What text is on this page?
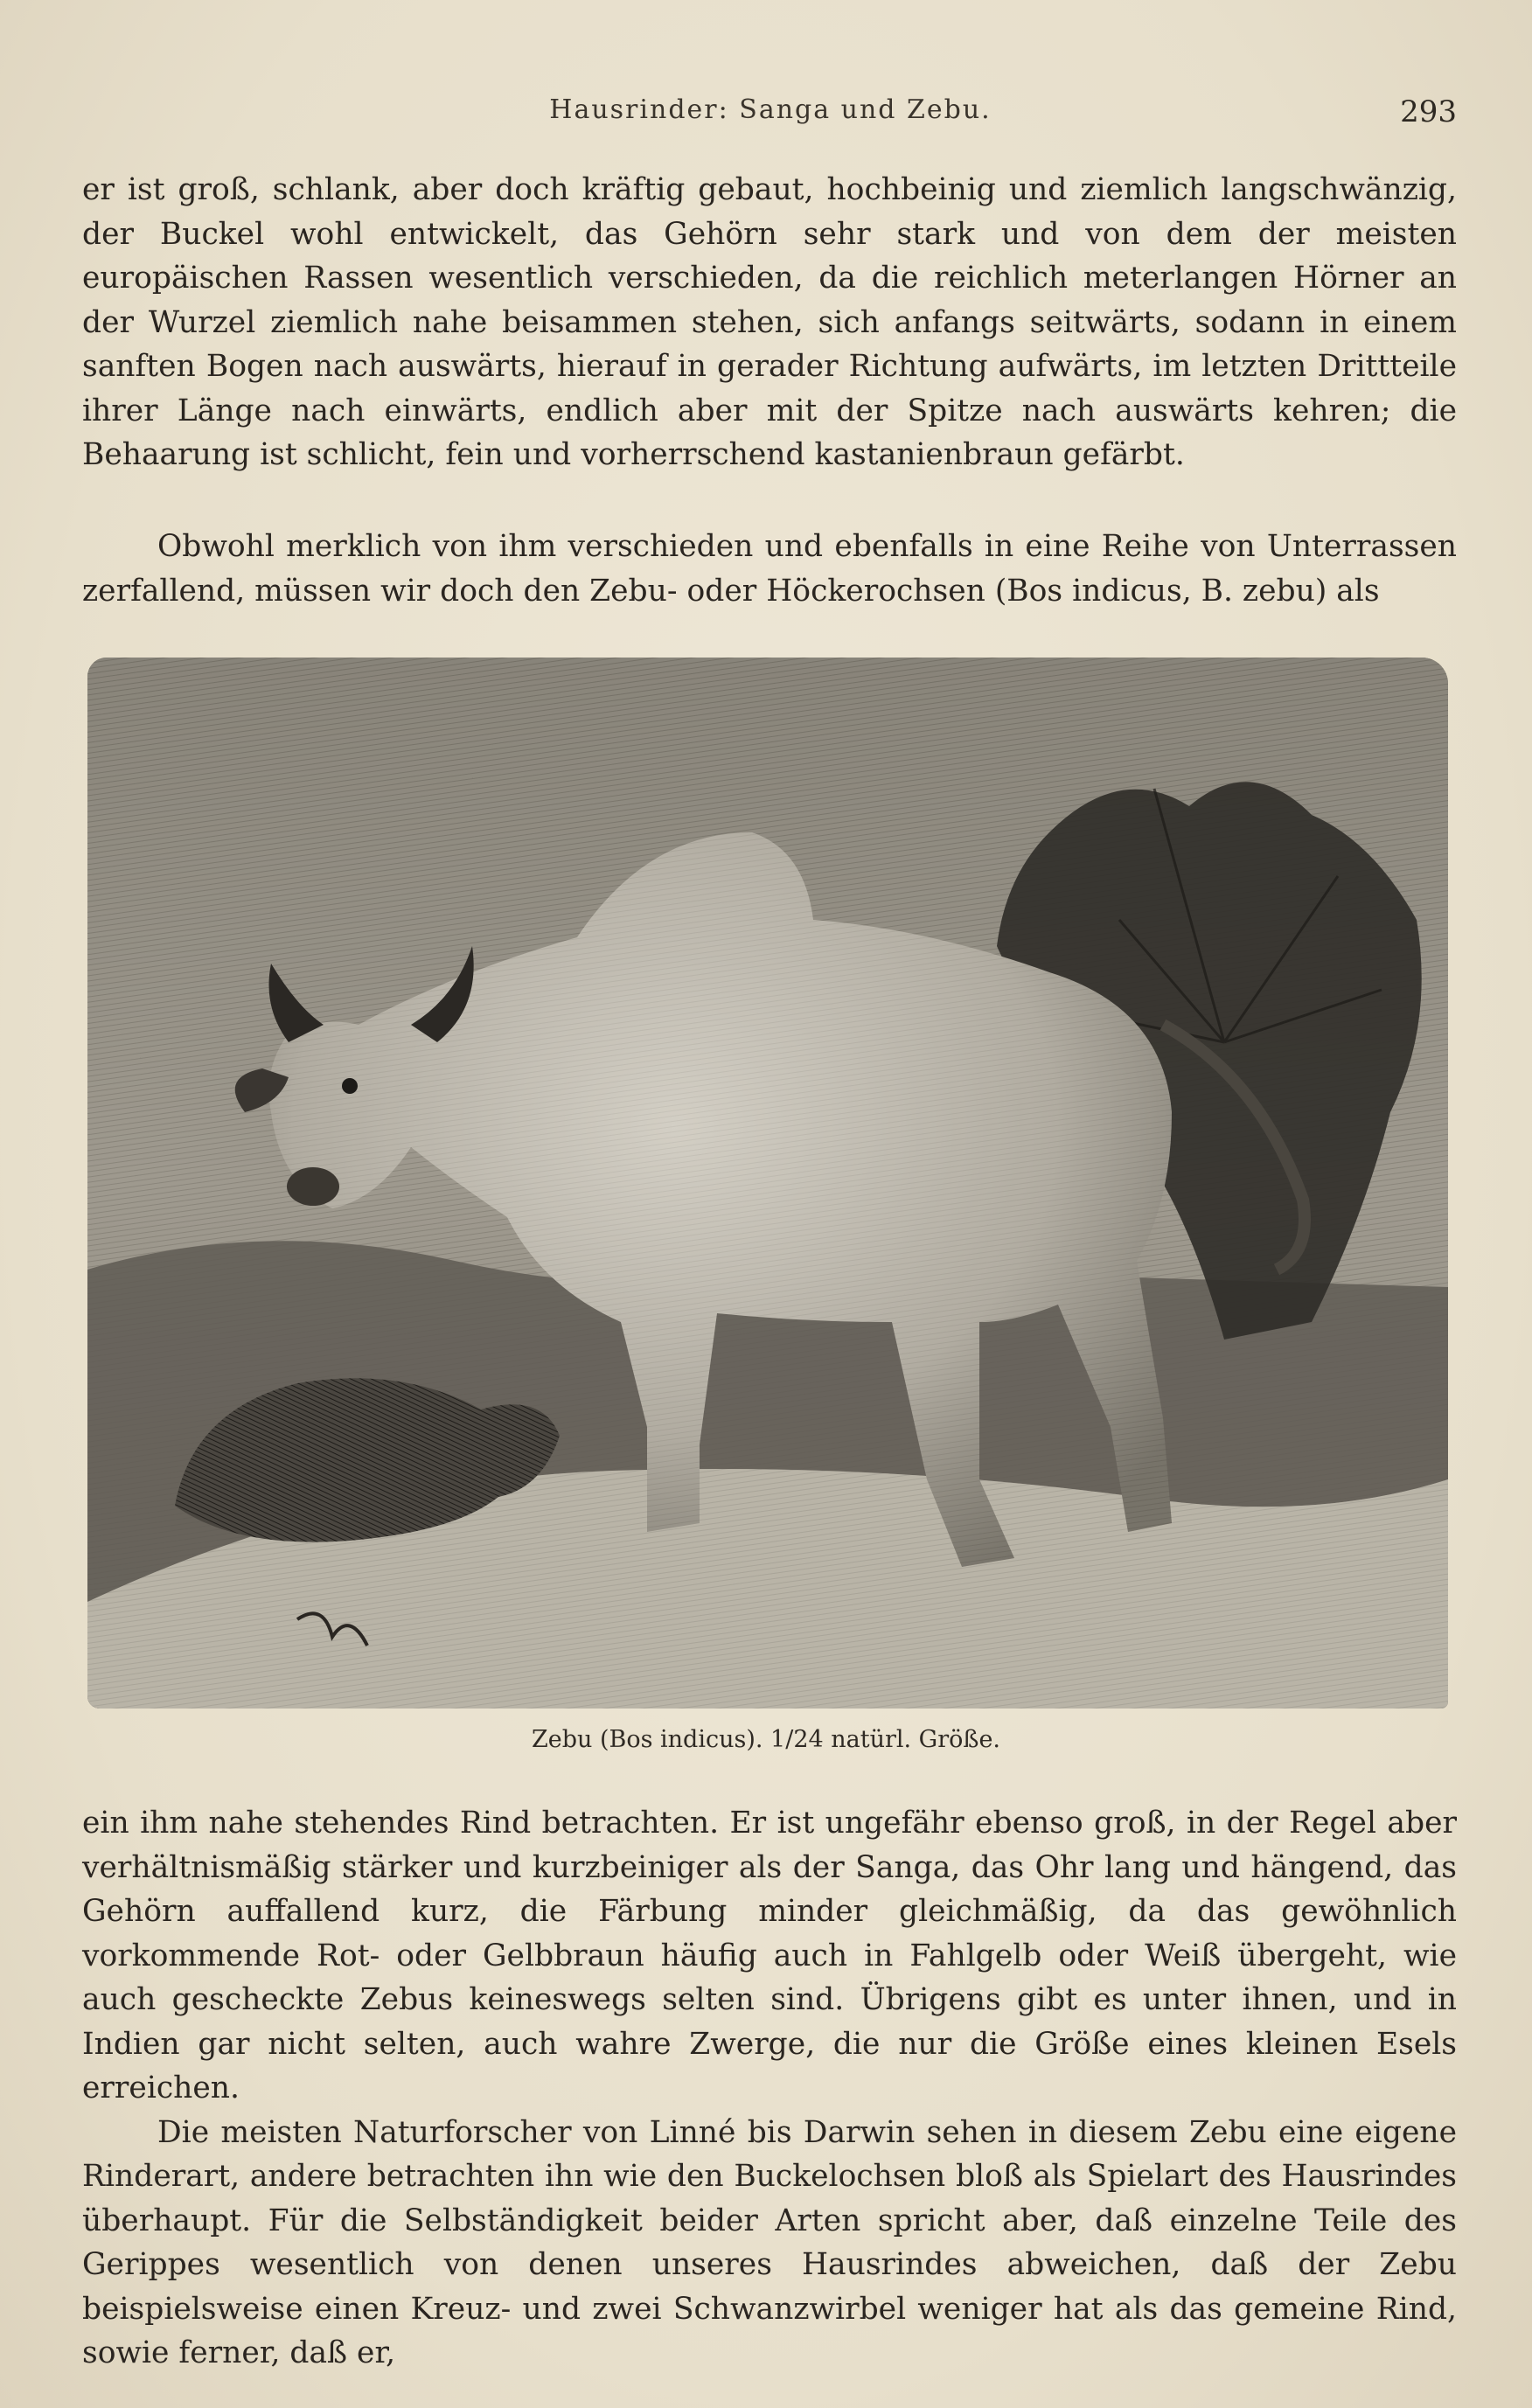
Hausrinder: Sanga und Zebu.	293

er ist groß, schlank, aber doch kräftig gebaut, hochbeinig und ziemlich langschwänzig, der Buckel wohl entwickelt, das Gehörn sehr stark und von dem der meisten europäischen Rassen wesentlich verschieden, da die reichlich meterlangen Hörner an der Wurzel ziemlich nahe beisammen stehen, sich anfangs seitwärts, sodann in einem sanften Bogen nach auswärts, hierauf in gerader Richtung aufwärts, im letzten Drittteile ihrer Länge nach einwärts, endlich aber mit der Spitze nach auswärts kehren; die Behaarung ist schlicht, fein und vorherrschend kastanienbraun gefärbt.

Obwohl merklich von ihm verschieden und ebenfalls in eine Reihe von Unterrassen zerfallend, müssen wir doch den Zebu- oder Höckerochsen (Bos indicus, B. zebu) als

Zebu (Bos indicus). 1/24 natürl. Größe.

ein ihm nahe stehendes Rind betrachten. Er ist ungefähr ebenso groß, in der Regel aber verhältnismäßig stärker und kurzbeiniger als der Sanga, das Ohr lang und hängend, das Gehörn auffallend kurz, die Färbung minder gleichmäßig, da das gewöhnlich vorkommende Rot- oder Gelbbraun häufig auch in Fahlgelb oder Weiß übergeht, wie auch gescheckte Zebus keineswegs selten sind. Übrigens gibt es unter ihnen, und in Indien gar nicht selten, auch wahre Zwerge, die nur die Größe eines kleinen Esels erreichen.

Die meisten Naturforscher von Linné bis Darwin sehen in diesem Zebu eine eigene Rinderart, andere betrachten ihn wie den Buckelochsen bloß als Spielart des Hausrindes überhaupt. Für die Selbständigkeit beider Arten spricht aber, daß einzelne Teile des Gerippes wesentlich von denen unseres Hausrindes abweichen, daß der Zebu beispielsweise einen Kreuz- und zwei Schwanzwirbel weniger hat als das gemeine Rind, sowie ferner, daß er,
